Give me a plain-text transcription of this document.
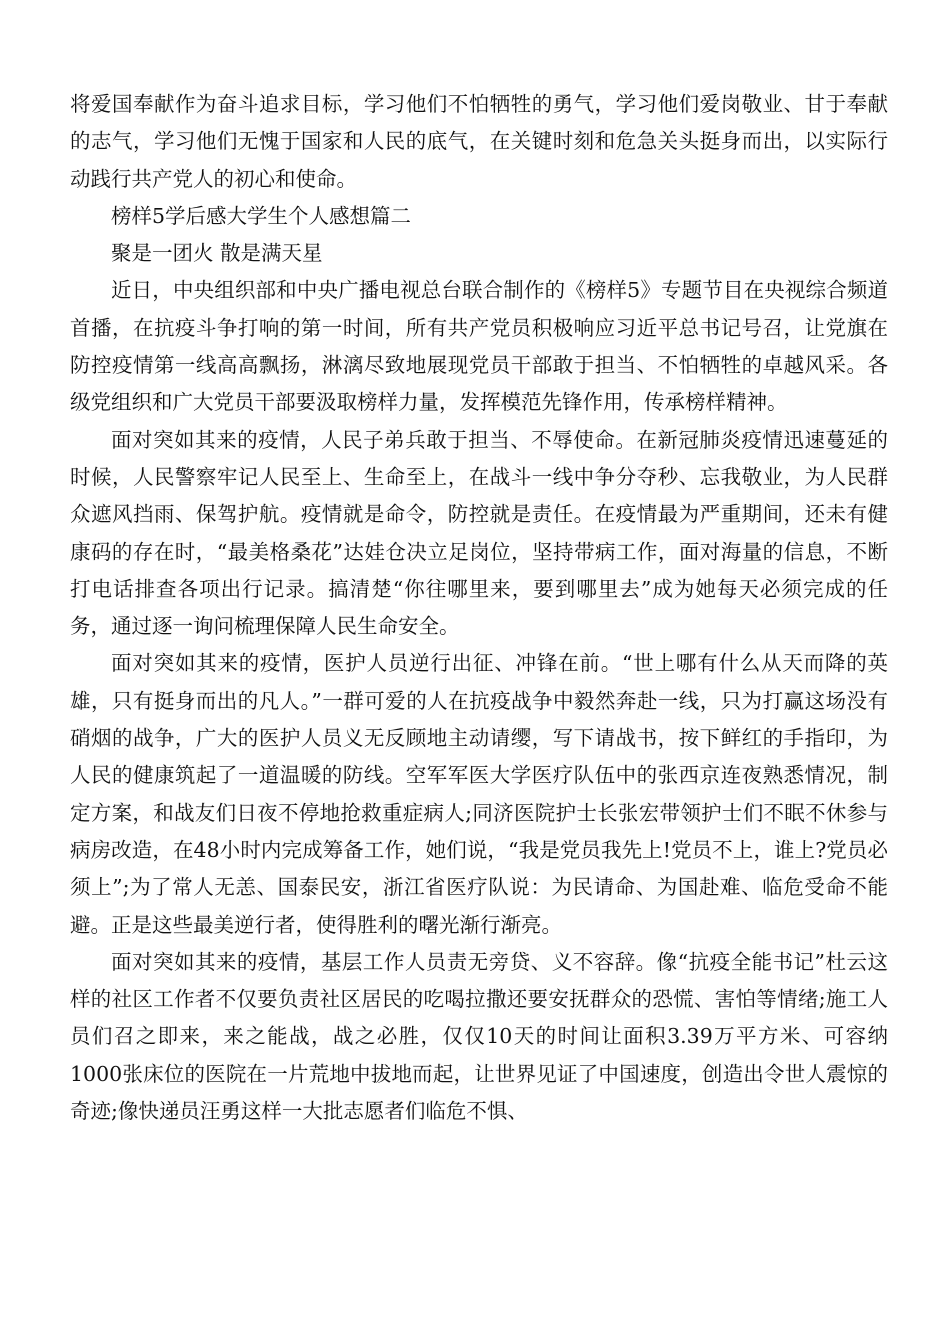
将爱国奉献作为奋斗追求目标，学习他们不怕牺牲的勇气，学习他们爱岗敬业、甘于奉献的志气，学习他们无愧于国家和人民的底气，在关键时刻和危急关头挺身而出，以实际行动践行共产党人的初心和使命。

榜样5学后感大学生个人感想篇二

聚是一团火 散是满天星

近日，中央组织部和中央广播电视总台联合制作的《榜样5》专题节目在央视综合频道首播，在抗疫斗争打响的第一时间，所有共产党员积极响应习近平总书记号召，让党旗在防控疫情第一线高高飘扬，淋漓尽致地展现党员干部敢于担当、不怕牺牲的卓越风采。各级党组织和广大党员干部要汲取榜样力量，发挥模范先锋作用，传承榜样精神。

面对突如其来的疫情，人民子弟兵敢于担当、不辱使命。在新冠肺炎疫情迅速蔓延的时候，人民警察牢记人民至上、生命至上，在战斗一线中争分夺秒、忘我敬业，为人民群众遮风挡雨、保驾护航。疫情就是命令，防控就是责任。在疫情最为严重期间，还未有健康码的存在时，“最美格桑花”达娃仓决立足岗位，坚持带病工作，面对海量的信息，不断打电话排查各项出行记录。搞清楚“你往哪里来，要到哪里去”成为她每天必须完成的任务，通过逐一询问梳理保障人民生命安全。

面对突如其来的疫情，医护人员逆行出征、冲锋在前。“世上哪有什么从天而降的英雄，只有挺身而出的凡人。”一群可爱的人在抗疫战争中毅然奔赴一线，只为打赢这场没有硝烟的战争，广大的医护人员义无反顾地主动请缨，写下请战书，按下鲜红的手指印，为人民的健康筑起了一道温暖的防线。空军军医大学医疗队伍中的张西京连夜熟悉情况，制定方案，和战友们日夜不停地抢救重症病人;同济医院护士长张宏带领护士们不眠不休参与病房改造，在48小时内完成筹备工作，她们说，“我是党员我先上!党员不上，谁上?党员必须上”;为了常人无恙、国泰民安，浙江省医疗队说：为民请命、为国赴难、临危受命不能避。正是这些最美逆行者，使得胜利的曙光渐行渐亮。

面对突如其来的疫情，基层工作人员责无旁贷、义不容辞。像“抗疫全能书记”杜云这样的社区工作者不仅要负责社区居民的吃喝拉撒还要安抚群众的恐慌、害怕等情绪;施工人员们召之即来，来之能战，战之必胜，仅仅10天的时间让面积3.39万平方米、可容纳1000张床位的医院在一片荒地中拔地而起，让世界见证了中国速度，创造出令世人震惊的奇迹;像快递员汪勇这样一大批志愿者们临危不惧、
